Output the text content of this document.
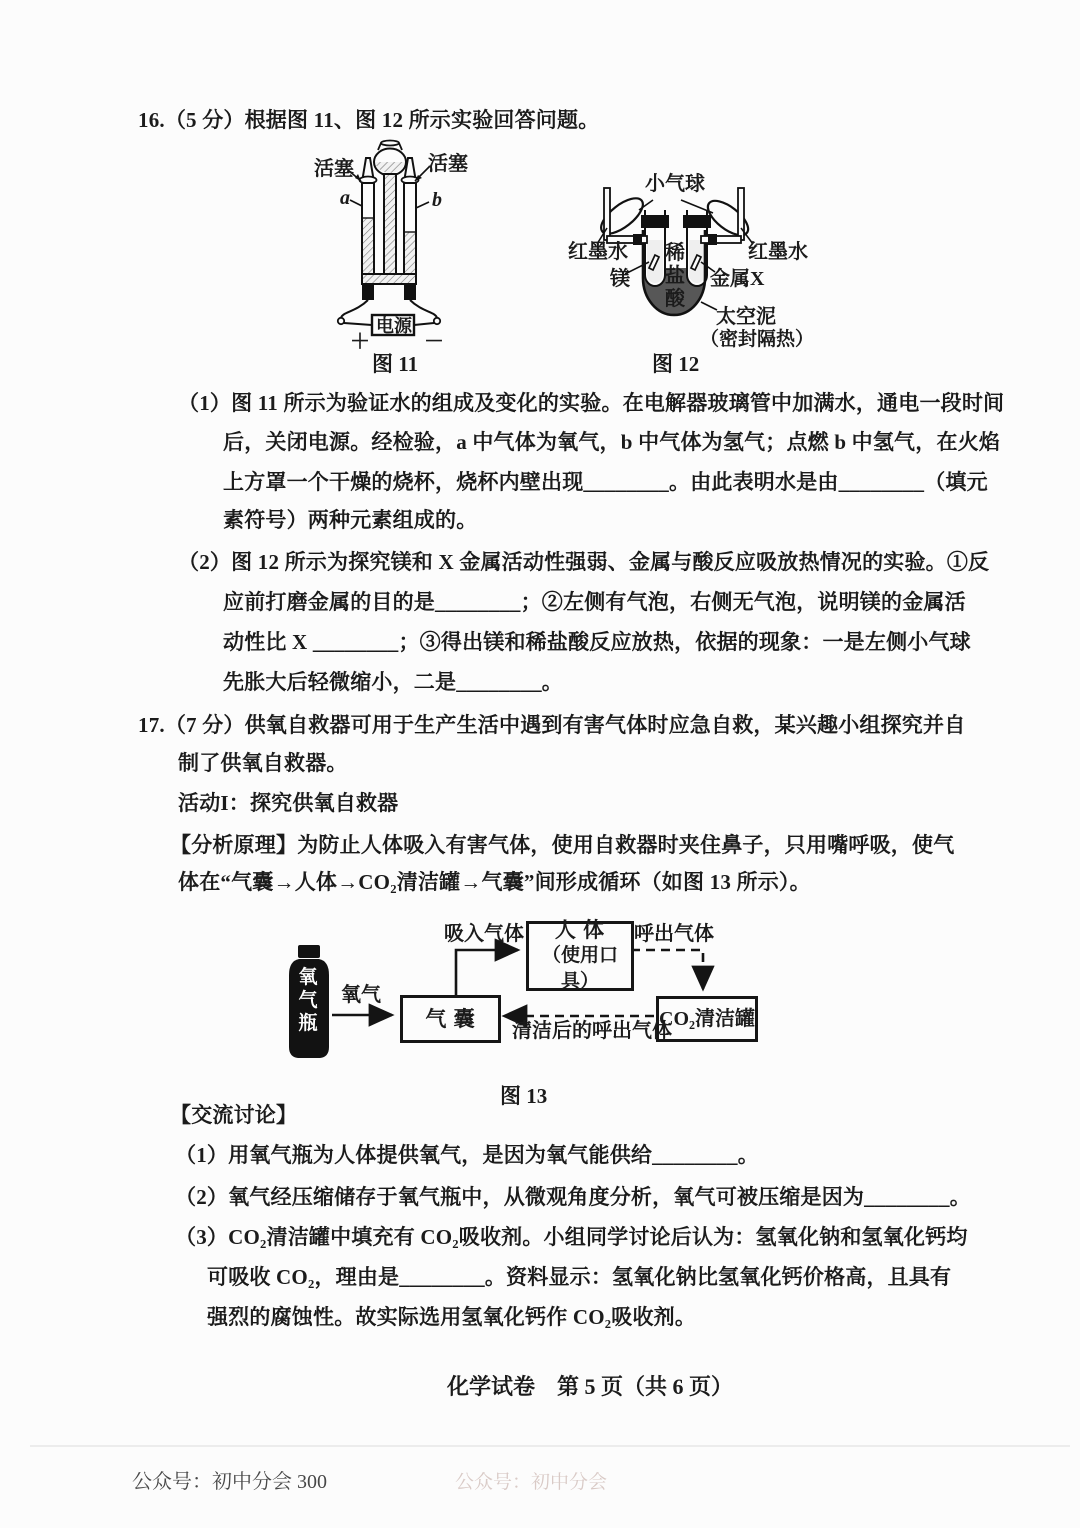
16.（5 分）根据图 11、图 12 所示实验回答问题。
活塞	活塞
a	b
电源
＋	－
图 11
小气球
红墨水	红墨水
镁
稀盐酸
金属X
太空泥
（密封隔热）
图 12
（1）图 11 所示为验证水的组成及变化的实验。在电解器玻璃管中加满水，通电一段时间
后，关闭电源。经检验，a 中气体为氧气，b 中气体为氢气；点燃 b 中氢气，在火焰
上方罩一个干燥的烧杯，烧杯内壁出现________。由此表明水是由________（填元
素符号）两种元素组成的。
（2）图 12 所示为探究镁和 X 金属活动性强弱、金属与酸反应吸放热情况的实验。①反
应前打磨金属的目的是________；②左侧有气泡，右侧无气泡，说明镁的金属活
动性比 X ________；③得出镁和稀盐酸反应放热，依据的现象：一是左侧小气球
先胀大后轻微缩小，二是________。
17.（7 分）供氧自救器可用于生产生活中遇到有害气体时应急自救，某兴趣小组探究并自
制了供氧自救器。
活动I：探究供氧自救器
【分析原理】为防止人体吸入有害气体，使用自救器时夹住鼻子，只用嘴呼吸，使气
体在“气囊→人体→CO₂清洁罐→气囊”间形成循环（如图 13 所示）。
氧气瓶	气 囊
人 体
（使用口具）
CO₂清洁罐
氧气
吸入气体	呼出气体
清洁后的呼出气体
图 13
【交流讨论】
（1）用氧气瓶为人体提供氧气，是因为氧气能供给________。
（2）氧气经压缩储存于氧气瓶中，从微观角度分析，氧气可被压缩是因为________。
（3）CO₂清洁罐中填充有 CO₂吸收剂。小组同学讨论后认为：氢氧化钠和氢氧化钙均
可吸收 CO₂，理由是________。资料显示：氢氧化钠比氢氧化钙价格高，且具有
强烈的腐蚀性。故实际选用氢氧化钙作 CO₂吸收剂。
化学试卷　第 5 页（共 6 页）
公众号：初中分会 300	公众号：初中分会
